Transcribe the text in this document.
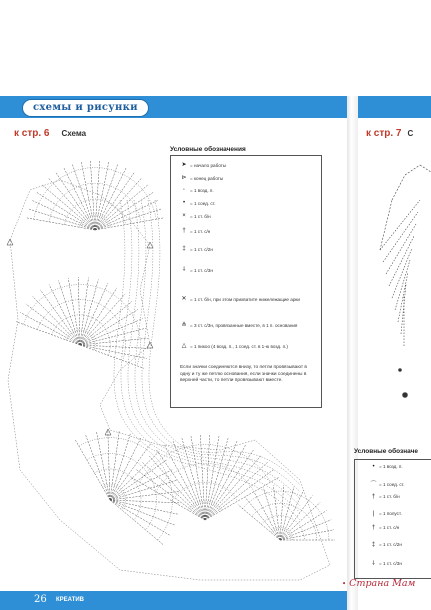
схемы и рисунки
к стр. 6 Схема	к стр. 7 С
Условные обозначения
➤ = начало работы
⊳ = конец работы
◦ = 1 возд. п.
• = 1 соед. ст.
× = 1 ст. б/н
† = 1 ст. с/н
‡ = 1 ст. с/2н
⸸ = 1 ст. с/3н
✕ = 1 ст. б/н, при этом прихватите нижележащие арки
⋔ = 3 ст. с/3н, провязанные вместе, в 1 п. основания
△ = 1 пикоо (4 возд. п., 1 соед. ст. в 1-ю возд. п.)
Если значки соединяются внизу, то петли провязывают в одну и ту же петлю основания, если значки соединены в верхней части, то петли провязывают вместе.
Условные обозначе
• = 1 возд. п.
⌒ = 1 соед. ст.
† = 1 ст. б/н
| = 1 полуст.
† = 1 ст. с/н
‡ = 1 ст. с/2н
⸸ = 1 ст. с/3н
26 КРЕАТИВ
• Страна Мам
